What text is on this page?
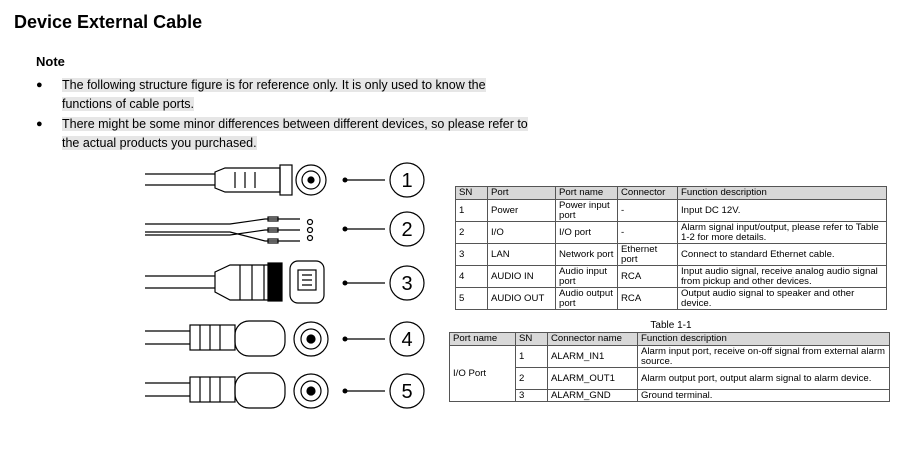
Device External Cable
Note
●	The following structure figure is for reference only. It is only used to know the functions of cable ports.
●	There might be some minor differences between different devices, so please refer to the actual products you purchased.
1
2
3
4
5
SN	Port	Port name	Connector	Function description
1	Power	Power input port	-	Input DC 12V.
2	I/O	I/O port	-	Alarm signal input/output, please refer to Table 1-2 for more details.
3	LAN	Network port	Ethernet port	Connect to standard Ethernet cable.
4	AUDIO IN	Audio input port	RCA	Input audio signal, receive analog audio signal from pickup and other devices.
5	AUDIO OUT	Audio output port	RCA	Output audio signal to speaker and other device.
Table 1-1
Port name	SN	Connector name	Function description
I/O Port	1	ALARM_IN1	Alarm input port, receive on-off signal from external alarm source.
	2	ALARM_OUT1	Alarm output port, output alarm signal to alarm device.
	3	ALARM_GND	Ground terminal.
